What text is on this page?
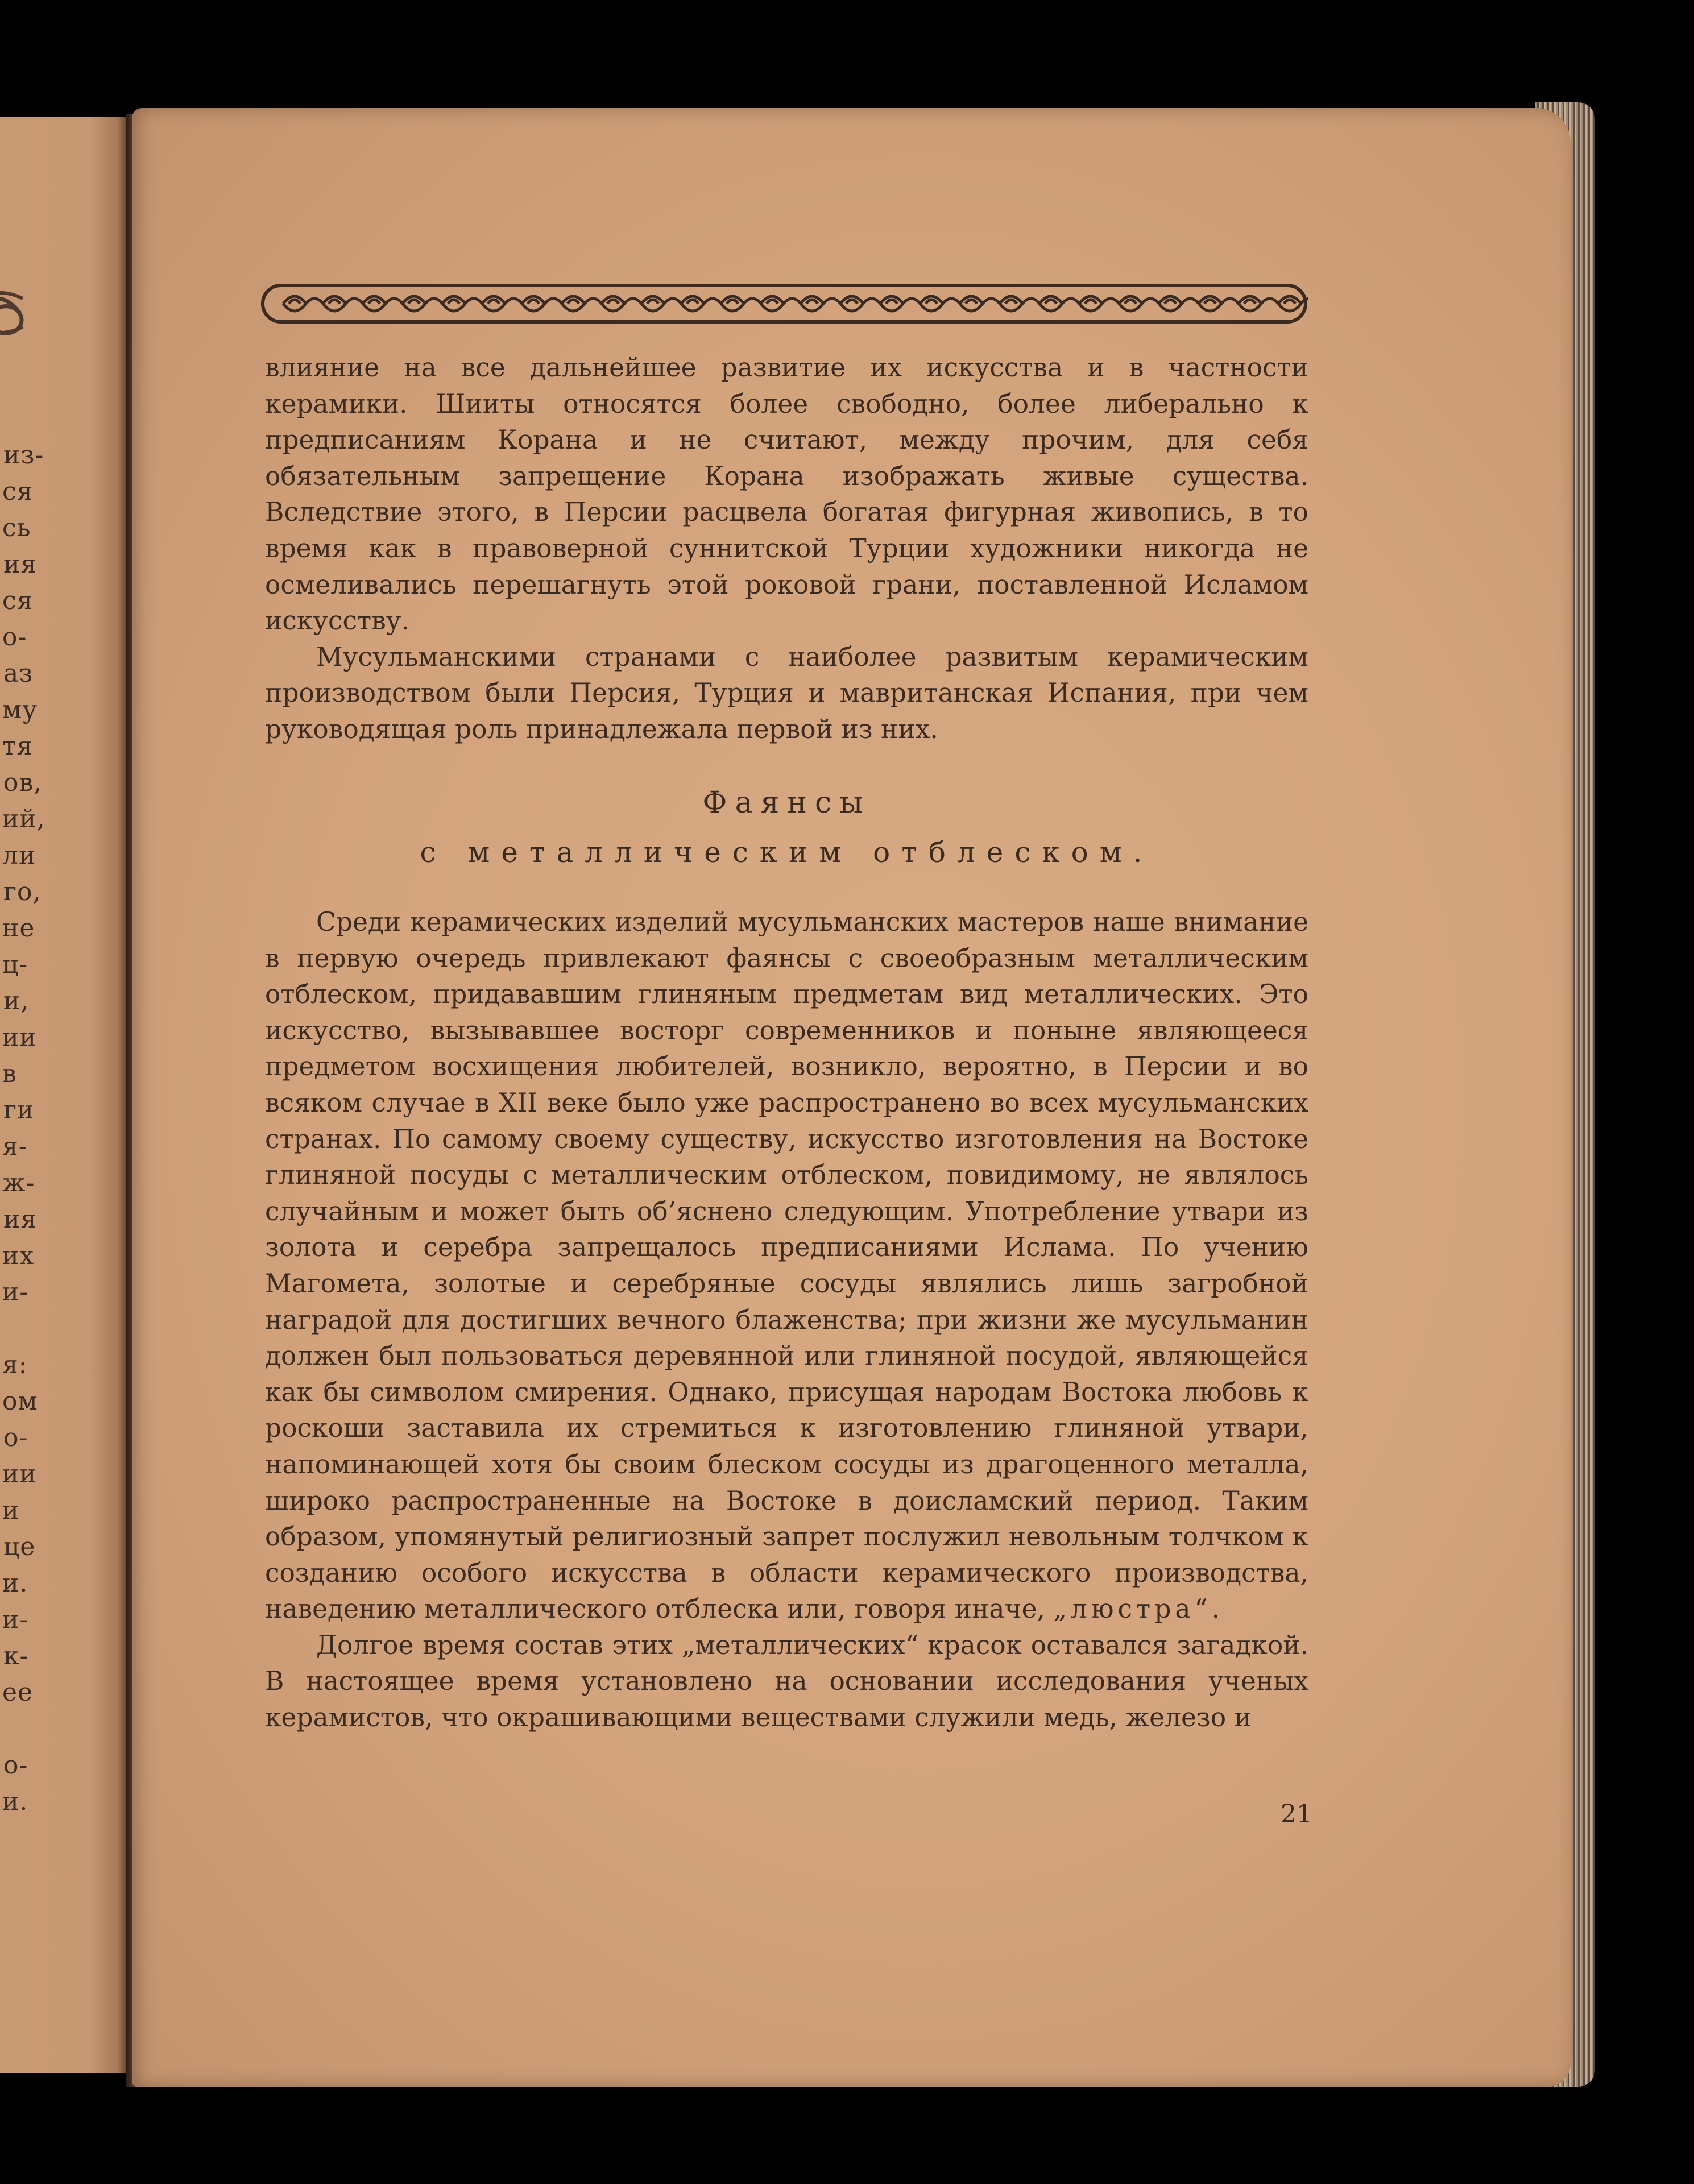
из-
ся
сь
ия
ся
о-
аз
му
тя
ов,
ий,
ли
го,
не
ц-
и,
ии
в
ги
я-
ж-
ия
их
и-
я:
ом
о-
ии
и
це
и.
и-
к-
ее
о-
и.

влияние на все дальнейшее развитие их искусства и в частности керамики. Шииты относятся более свободно, более либерально к предписаниям Корана и не считают, между прочим, для себя обязательным запрещение Корана изображать живые существа. Вследствие этого, в Персии расцвела богатая фигурная живопись, в то время как в правоверной суннитской Турции художники никогда не осмеливались перешагнуть этой роковой грани, поставленной Исламом искусству.

Мусульманскими странами с наиболее развитым керамическим производством были Персия, Турция и мавританская Испания, при чем руководящая роль принадлежала первой из них.

Фаянсы
с металлическим отблеском.

Среди керамических изделий мусульманских мастеров наше внимание в первую очередь привлекают фаянсы с своеобразным металлическим отблеском, придававшим глиняным предметам вид металлических. Это искусство, вызывавшее восторг современников и поныне являющееся предметом восхищения любителей, возникло, вероятно, в Персии и во всяком случае в XII веке было уже распространено во всех мусульманских странах. По самому своему существу, искусство изготовления на Востоке глиняной посуды с металлическим отблеском, повидимому, не являлось случайным и может быть об’яснено следующим. Употребление утвари из золота и серебра запрещалось предписаниями Ислама. По учению Магомета, золотые и серебряные сосуды являлись лишь загробной наградой для достигших вечного блаженства; при жизни же мусульманин должен был пользоваться деревянной или глиняной посудой, являющейся как бы символом смирения. Однако, присущая народам Востока любовь к роскоши заставила их стремиться к изготовлению глиняной утвари, напоминающей хотя бы своим блеском сосуды из драгоценного металла, широко распространенные на Востоке в доисламский период. Таким образом, упомянутый религиозный запрет послужил невольным толчком к созданию особого искусства в области керамического производства, наведению металлического отблеска или, говоря иначе, „люстра“.

Долгое время состав этих „металлических“ красок оставался загадкой. В настоящее время установлено на основании исследования ученых керамистов, что окрашивающими веществами служили медь, железо и

21
